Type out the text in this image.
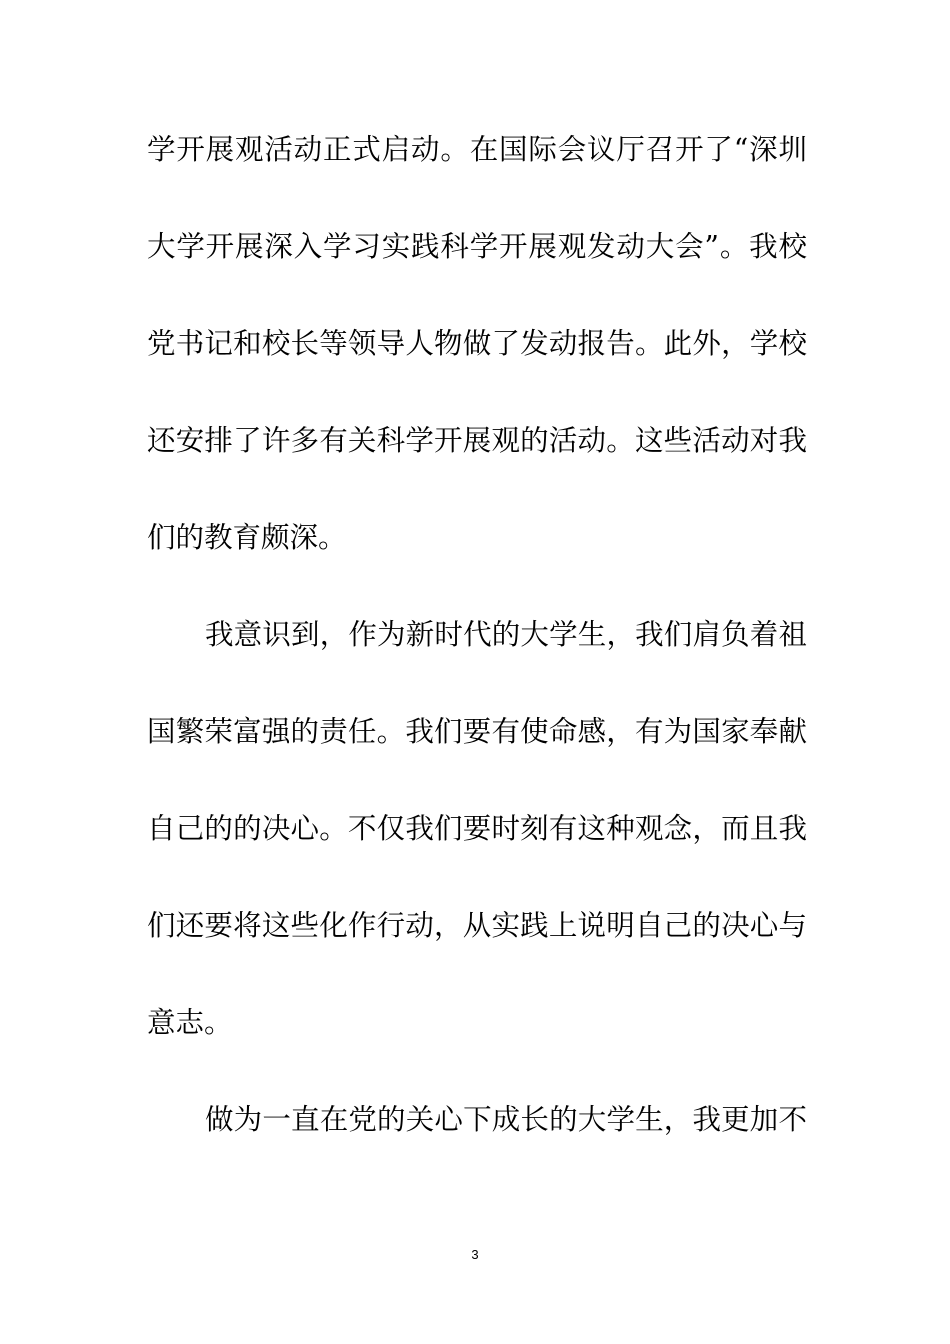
学开展观活动正式启动。在国际会议厅召开了“深圳
大学开展深入学习实践科学开展观发动大会”。我校
党书记和校长等领导人物做了发动报告。此外，学校
还安排了许多有关科学开展观的活动。这些活动对我
们的教育颇深。
我意识到，作为新时代的大学生，我们肩负着祖
国繁荣富强的责任。我们要有使命感，有为国家奉献
自己的的决心。不仅我们要时刻有这种观念，而且我
们还要将这些化作行动，从实践上说明自己的决心与
意志。
做为一直在党的关心下成长的大学生，我更加不
3
